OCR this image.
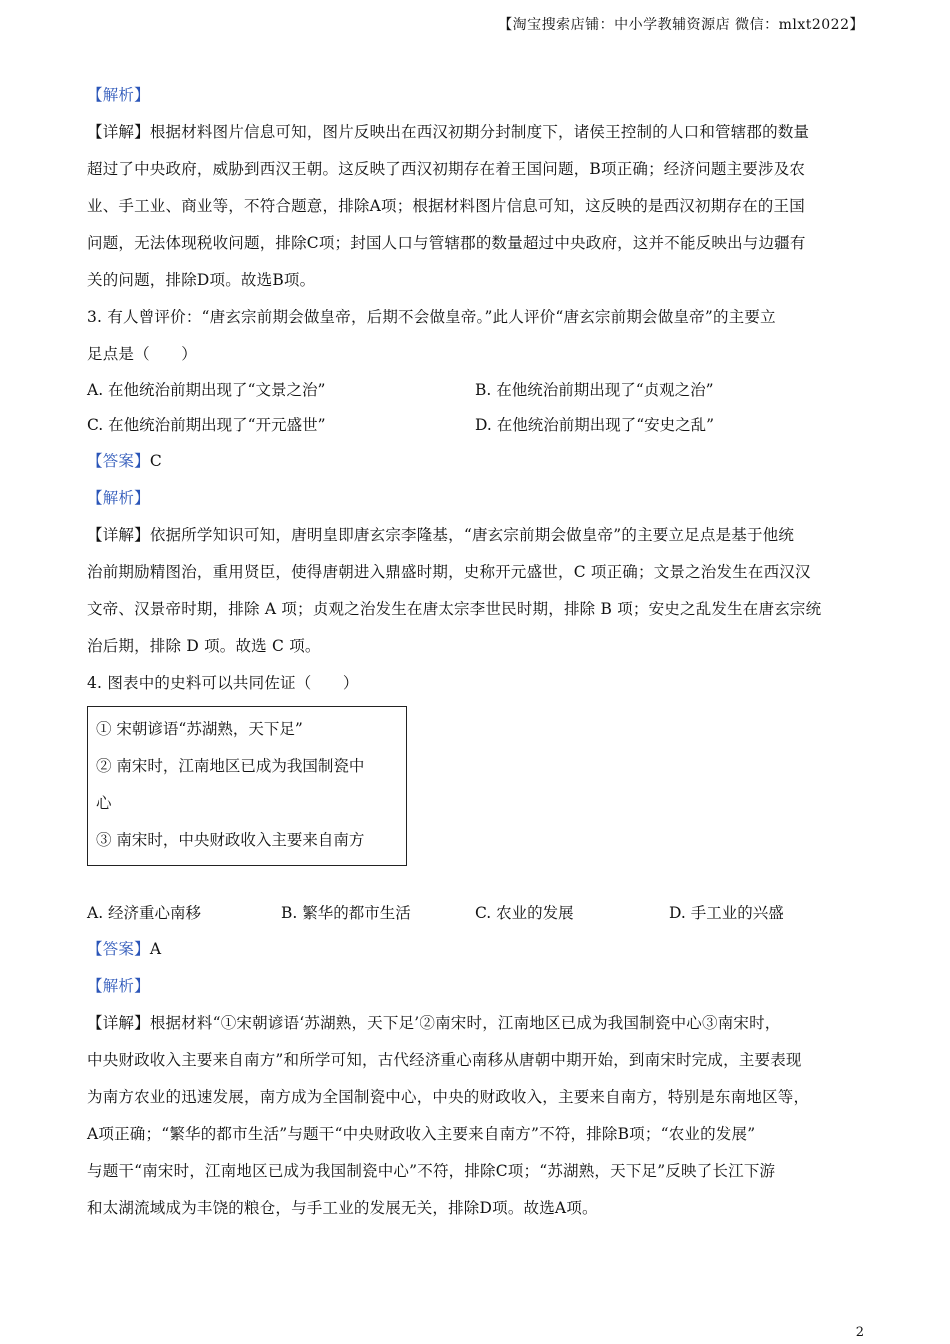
【淘宝搜索店铺：中小学教辅资源店 微信：mlxt2022】
【解析】
【详解】根据材料图片信息可知，图片反映出在西汉初期分封制度下，诸侯王控制的人口和管辖郡的数量
超过了中央政府，威胁到西汉王朝。这反映了西汉初期存在着王国问题，B项正确；经济问题主要涉及农
业、手工业、商业等，不符合题意，排除A项；根据材料图片信息可知，这反映的是西汉初期存在的王国
问题，无法体现税收问题，排除C项；封国人口与管辖郡的数量超过中央政府，这并不能反映出与边疆有
关的问题，排除D项。故选B项。
3. 有人曾评价：“唐玄宗前期会做皇帝，后期不会做皇帝。”此人评价“唐玄宗前期会做皇帝”的主要立
足点是（　　）
A. 在他统治前期出现了“文景之治”	B. 在他统治前期出现了“贞观之治”
C. 在他统治前期出现了“开元盛世”	D. 在他统治前期出现了“安史之乱”
【答案】C
【解析】
【详解】依据所学知识可知，唐明皇即唐玄宗李隆基，“唐玄宗前期会做皇帝”的主要立足点是基于他统
治前期励精图治，重用贤臣，使得唐朝进入鼎盛时期，史称开元盛世，C 项正确；文景之治发生在西汉汉
文帝、汉景帝时期，排除 A 项；贞观之治发生在唐太宗李世民时期，排除 B 项；安史之乱发生在唐玄宗统
治后期，排除 D 项。故选 C 项。
4. 图表中的史料可以共同佐证（　　）
① 宋朝谚语“苏湖熟，天下足”
② 南宋时，江南地区已成为我国制瓷中
心
③ 南宋时，中央财政收入主要来自南方
A. 经济重心南移	B. 繁华的都市生活	C. 农业的发展	D. 手工业的兴盛
【答案】A
【解析】
【详解】根据材料“①宋朝谚语‘苏湖熟，天下足’②南宋时，江南地区已成为我国制瓷中心③南宋时，
中央财政收入主要来自南方”和所学可知，古代经济重心南移从唐朝中期开始，到南宋时完成，主要表现
为南方农业的迅速发展，南方成为全国制瓷中心，中央的财政收入，主要来自南方，特别是东南地区等，
A项正确；“繁华的都市生活”与题干“中央财政收入主要来自南方”不符，排除B项；“农业的发展”
与题干“南宋时，江南地区已成为我国制瓷中心”不符，排除C项；“苏湖熟，天下足”反映了长江下游
和太湖流域成为丰饶的粮仓，与手工业的发展无关，排除D项。故选A项。
2
